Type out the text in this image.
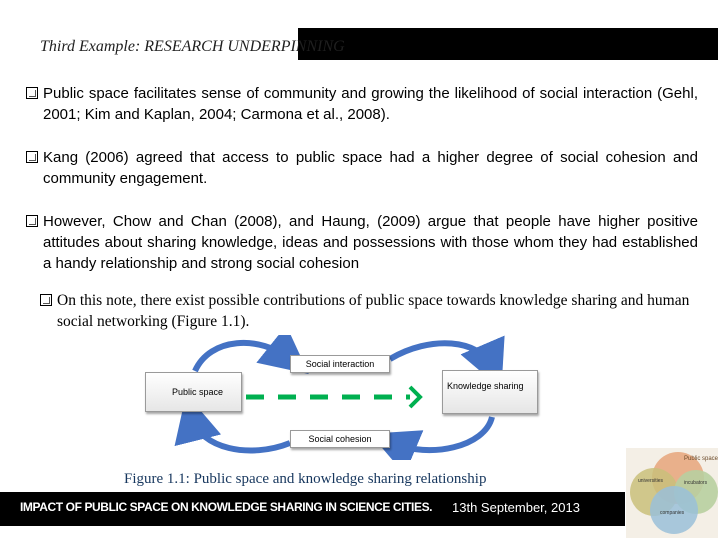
Third Example: RESEARCH UNDERPINNING
Public space facilitates sense of community and growing the likelihood of social interaction (Gehl, 2001; Kim and Kaplan, 2004; Carmona et al., 2008).
Kang (2006) agreed that access to public space had a higher degree of social cohesion and community engagement.
However, Chow and Chan (2008), and Haung, (2009) argue that people have higher positive attitudes about sharing knowledge, ideas and possessions with those whom they had established a handy relationship and strong social cohesion
On this note, there exist possible contributions of public space towards knowledge sharing and human social networking (Figure 1.1).
Public space
Knowledge sharing
Social interaction
Social cohesion

Figure 1.1: Public space and knowledge sharing relationship

IMPACT OF PUBLIC SPACE ON KNOWLEDGE SHARING IN SCIENCE CITIES. 13th September, 2013
Public space
universities	incubators
companies
